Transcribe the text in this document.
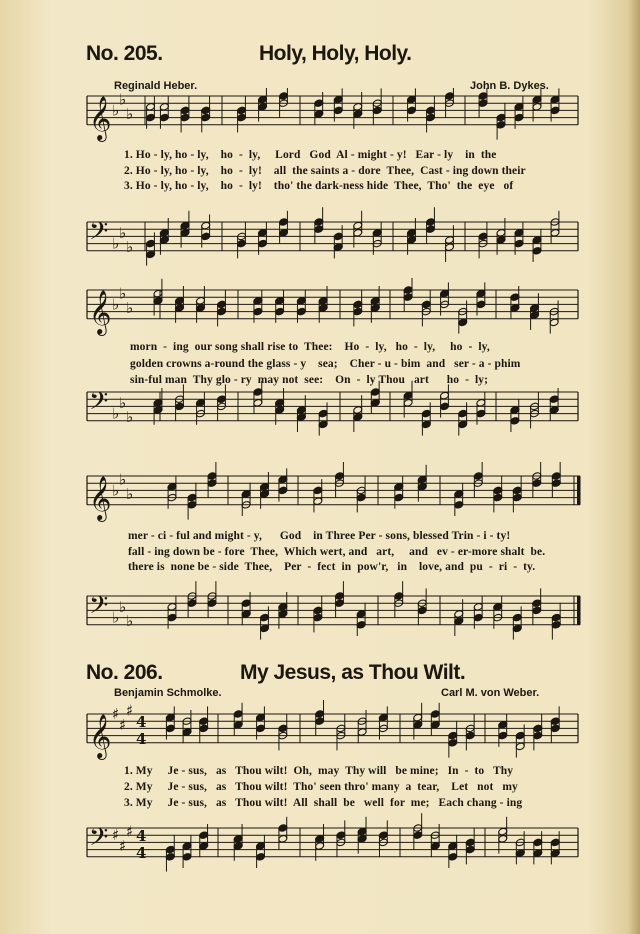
No. 205.	Holy, Holy, Holy.
Reginald Heber.	John B. Dykes.
𝄞 ♭
♭
♭
𝄢 ♭
♭
♭
1. Ho - ly, ho - ly,    ho  -  ly,     Lord   God  Al - might - y!   Ear - ly    in  the
2. Ho - ly, ho - ly,    ho  -  ly!    all  the saints a - dore  Thee,  Cast - ing down their
3. Ho - ly, ho - ly,    ho  -  ly!    tho' the dark-ness hide  Thee,  Tho'  the  eye   of
𝄞 ♭
♭
♭
𝄢 ♭
♭
♭
morn  -  ing  our song shall rise to  Thee:    Ho  -  ly,   ho  -  ly,     ho  -  ly,
golden crowns a-round the glass - y    sea;    Cher - u - bim  and   ser - a - phim
sin-ful man  Thy glo - ry  may not  see:    On  -  ly Thou   art      ho  -  ly;
𝄞 ♭
♭
♭
𝄢 ♭
♭
♭
mer - ci - ful and might - y,      God    in Three Per - sons, blessed Trin - i - ty!
fall - ing down be - fore  Thee,  Which wert, and   art,     and   ev - er-more shalt  be.
there is  none be - side  Thee,    Per  -  fect  in  pow'r,   in    love, and  pu  -  ri  -  ty.
No. 206.	My Jesus, as Thou Wilt.
Benjamin Schmolke.	Carl M. von Weber.
𝄞 ♯
♯
♯
4
4
𝄢 ♯
♯
♯ 4
4
1. My     Je - sus,   as   Thou wilt!  Oh,  may  Thy will   be mine;   In  -  to   Thy
2. My     Je - sus,   as   Thou wilt!  Tho' seen thro' many  a  tear,    Let   not   my
3. My     Je - sus,   as   Thou wilt!  All  shall  be   well  for  me;   Each chang - ing
